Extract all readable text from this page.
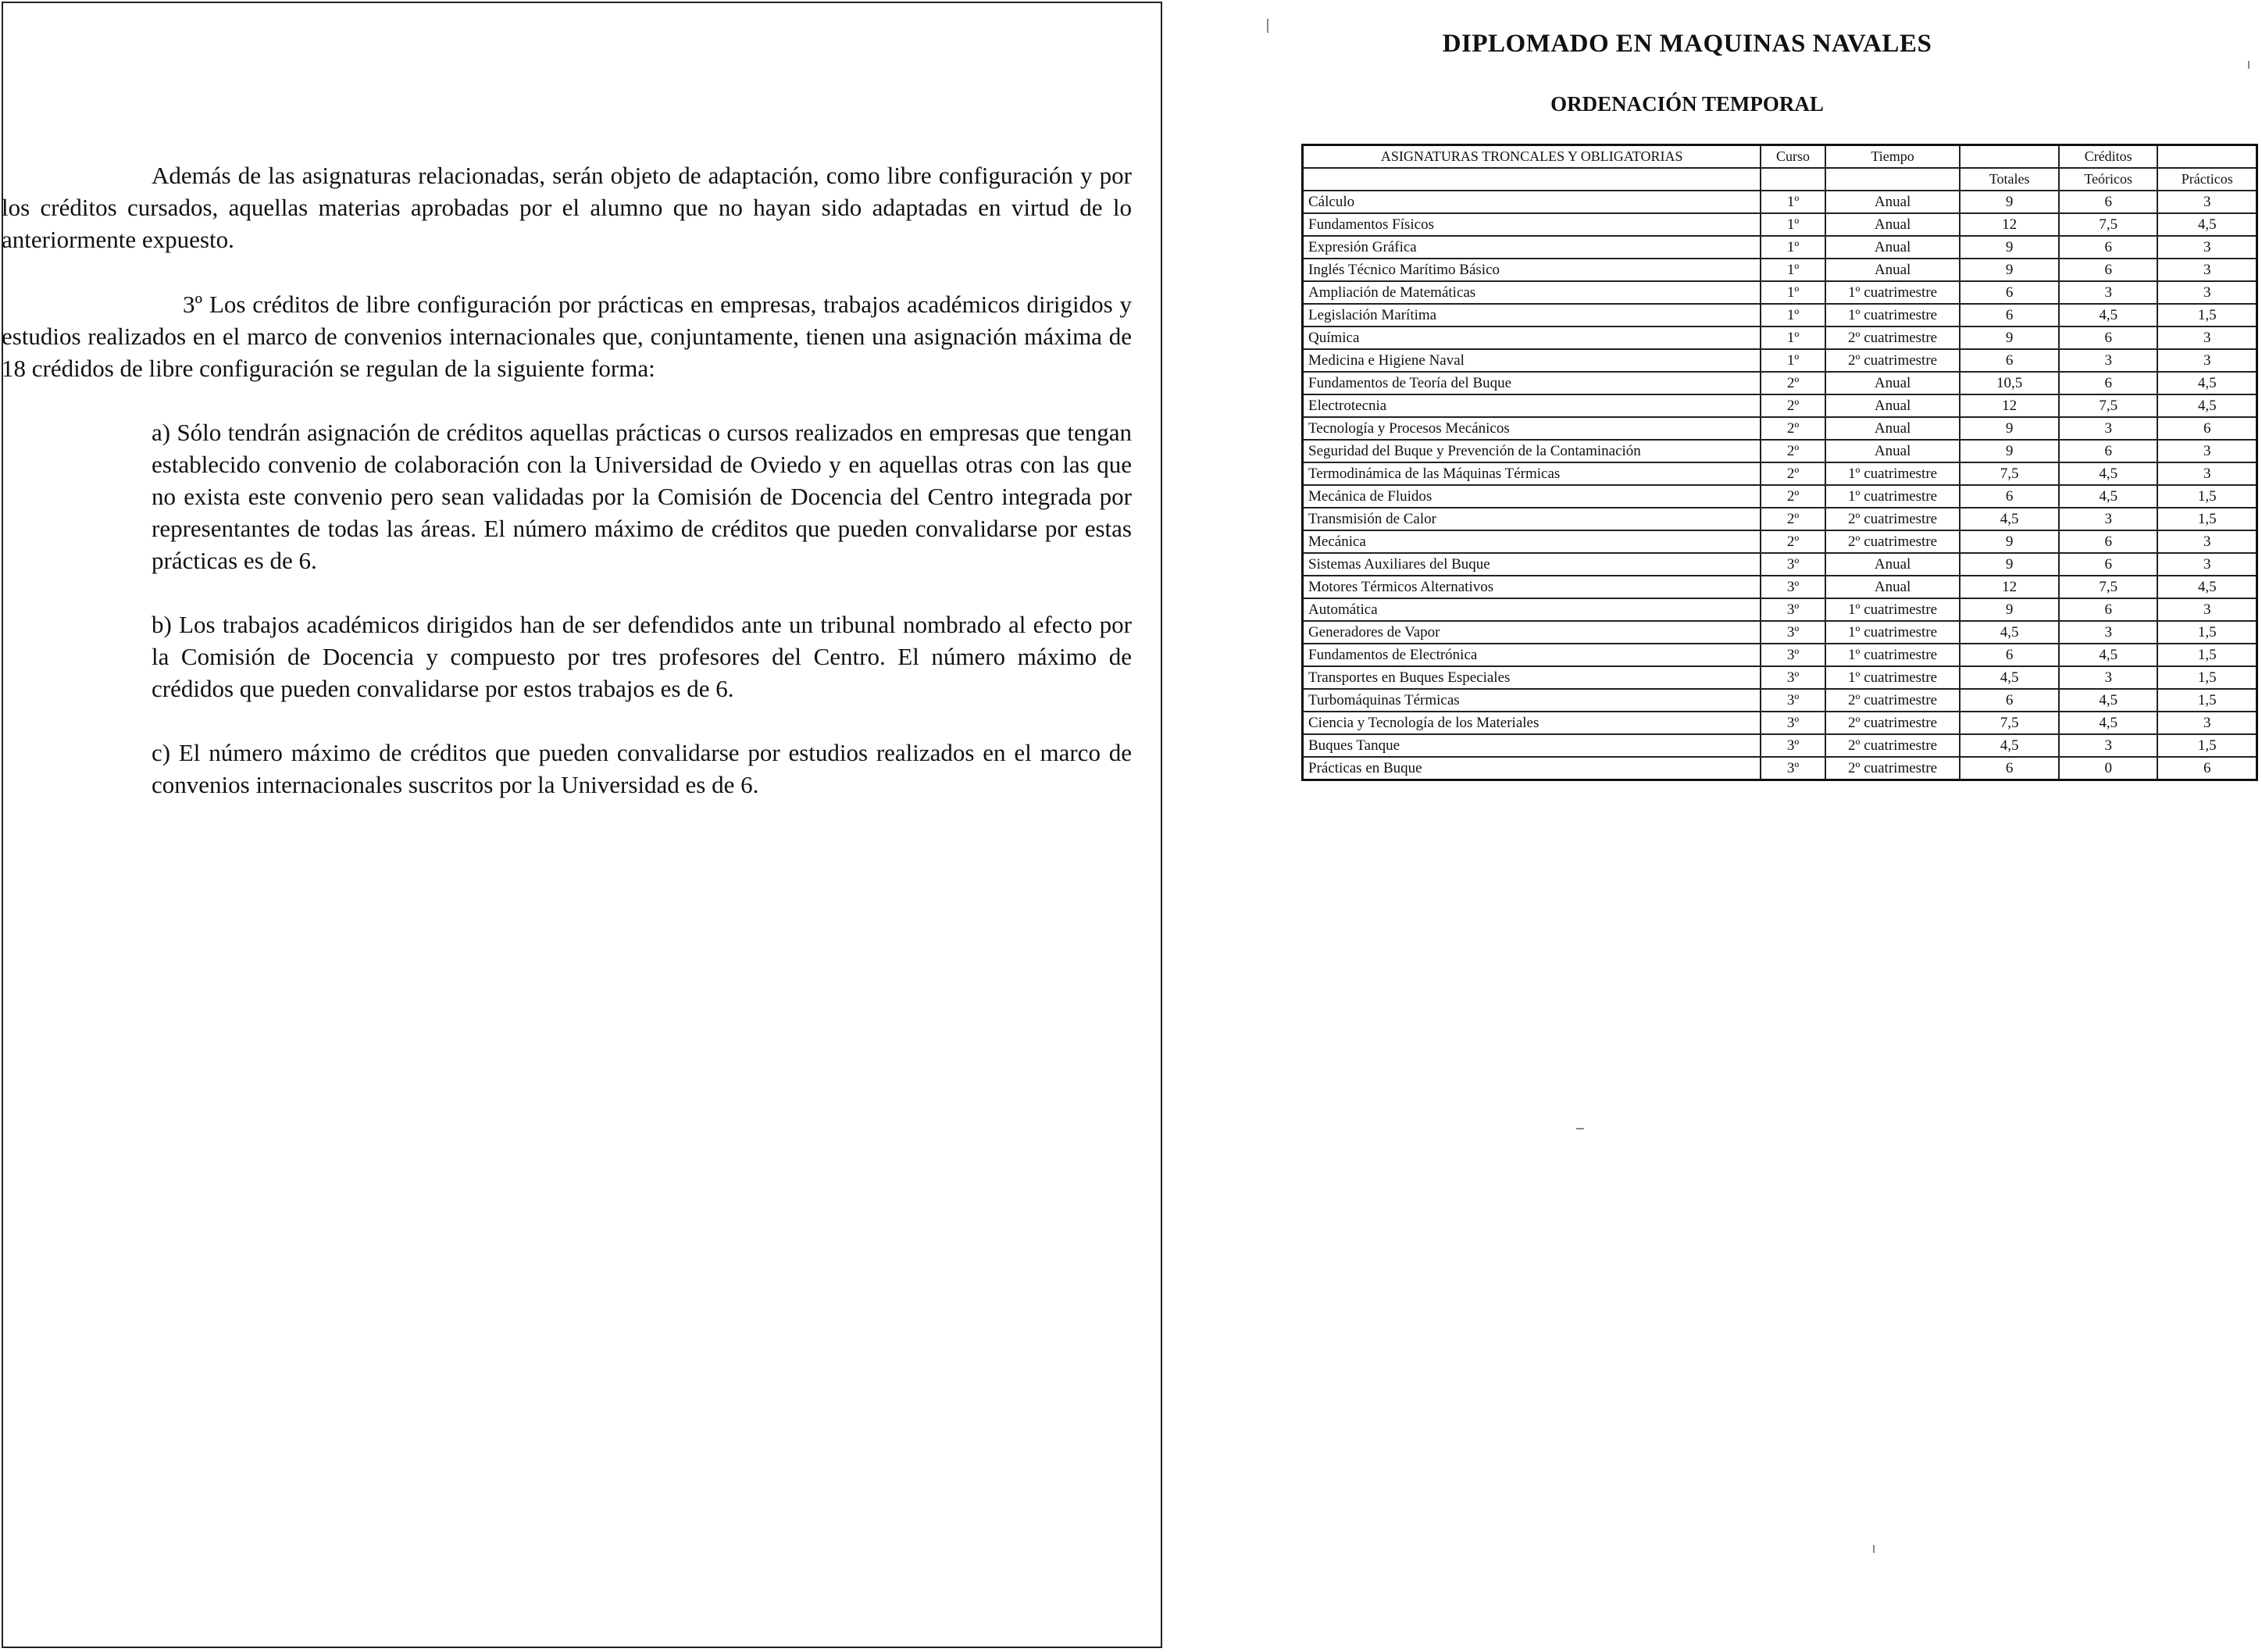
Además de las asignaturas relacionadas, serán objeto de adaptación, como libre configuración y por los créditos cursados, aquellas materias aprobadas por el alumno que no hayan sido adaptadas en virtud de lo anteriormente expuesto.

3º Los créditos de libre configuración por prácticas en empresas, trabajos académicos dirigidos y estudios realizados en el marco de convenios internacionales que, conjuntamente, tienen una asignación máxima de 18 crédidos de libre configuración se regulan de la siguiente forma:

a) Sólo tendrán asignación de créditos aquellas prácticas o cursos realizados en empresas que tengan establecido convenio de colaboración con la Universidad de Oviedo y en aquellas otras con las que no exista este convenio pero sean validadas por la Comisión de Docencia del Centro integrada por representantes de todas las áreas. El número máximo de créditos que pueden convalidarse por estas prácticas es de 6.

b) Los trabajos académicos dirigidos han de ser defendidos ante un tribunal nombrado al efecto por la Comisión de Docencia y compuesto por tres profesores del Centro. El número máximo de crédidos que pueden convalidarse por estos trabajos es de 6.

c) El número máximo de créditos que pueden convalidarse por estudios realizados en el marco de convenios internacionales suscritos por la Universidad es de 6.

DIPLOMADO EN MAQUINAS NAVALES
ORDENACIÓN TEMPORAL
ASIGNATURAS TRONCALES Y OBLIGATORIAS	Curso	Tiempo		Créditos	
			Totales	Teóricos	Prácticos
Cálculo	1º	Anual	9	6	3
Fundamentos Físicos	1º	Anual	12	7,5	4,5
Expresión Gráfica	1º	Anual	9	6	3
Inglés Técnico Marítimo Básico	1º	Anual	9	6	3
Ampliación de Matemáticas	1º	1º cuatrimestre	6	3	3
Legislación Marítima	1º	1º cuatrimestre	6	4,5	1,5
Química	1º	2º cuatrimestre	9	6	3
Medicina e Higiene Naval	1º	2º cuatrimestre	6	3	3
Fundamentos de Teoría del Buque	2º	Anual	10,5	6	4,5
Electrotecnia	2º	Anual	12	7,5	4,5
Tecnología y Procesos Mecánicos	2º	Anual	9	3	6
Seguridad del Buque y Prevención de la Contaminación	2º	Anual	9	6	3
Termodinámica de las Máquinas Térmicas	2º	1º cuatrimestre	7,5	4,5	3
Mecánica de Fluidos	2º	1º cuatrimestre	6	4,5	1,5
Transmisión de Calor	2º	2º cuatrimestre	4,5	3	1,5
Mecánica	2º	2º cuatrimestre	9	6	3
Sistemas Auxiliares del Buque	3º	Anual	9	6	3
Motores Térmicos Alternativos	3º	Anual	12	7,5	4,5
Automática	3º	1º cuatrimestre	9	6	3
Generadores de Vapor	3º	1º cuatrimestre	4,5	3	1,5
Fundamentos de Electrónica	3º	1º cuatrimestre	6	4,5	1,5
Transportes en Buques Especiales	3º	1º cuatrimestre	4,5	3	1,5
Turbomáquinas Térmicas	3º	2º cuatrimestre	6	4,5	1,5
Ciencia y Tecnología de los Materiales	3º	2º cuatrimestre	7,5	4,5	3
Buques Tanque	3º	2º cuatrimestre	4,5	3	1,5
Prácticas en Buque	3º	2º cuatrimestre	6	0	6
